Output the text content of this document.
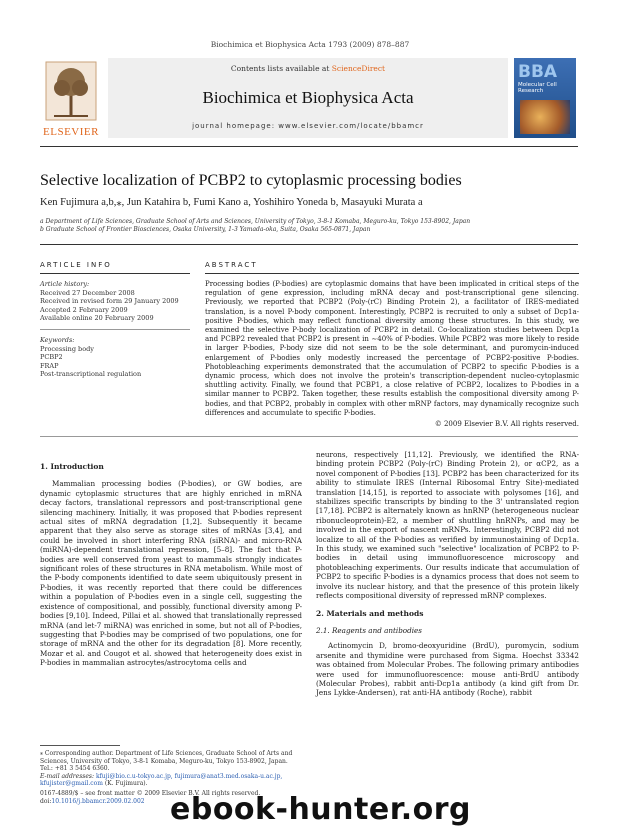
Biochimica et Biophysica Acta 1793 (2009) 878–887
ELSEVIER
Contents lists available at ScienceDirect
Biochimica et Biophysica Acta
journal homepage: www.elsevier.com/locate/bbamcr
BBA
Molecular Cell Research
Selective localization of PCBP2 to cytoplasmic processing bodies
Ken Fujimura a,b,⁎, Jun Katahira b, Fumi Kano a, Yoshihiro Yoneda b, Masayuki Murata a
a Department of Life Sciences, Graduate School of Arts and Sciences, University of Tokyo, 3-8-1 Komaba, Meguro-ku, Tokyo 153-8902, Japan
b Graduate School of Frontier Biosciences, Osaka University, 1-3 Yamada-oka, Suita, Osaka 565-0871, Japan
ARTICLE INFO
Article history:
Received 27 December 2008
Received in revised form 29 January 2009
Accepted 2 February 2009
Available online 20 February 2009
Keywords:
Processing body
PCBP2
FRAP
Post-transcriptional regulation
ABSTRACT
Processing bodies (P-bodies) are cytoplasmic domains that have been implicated in critical steps of the regulation of gene expression, including mRNA decay and post-transcriptional gene silencing. Previously, we reported that PCBP2 (Poly-(rC) Binding Protein 2), a facilitator of IRES-mediated translation, is a novel P-body component. Interestingly, PCBP2 is recruited to only a subset of Dcp1a-positive P-bodies, which may reflect functional diversity among these structures. In this study, we examined the selective P-body localization of PCBP2 in detail. Co-localization studies between Dcp1a and PCBP2 revealed that PCBP2 is present in ∼40% of P-bodies. While PCBP2 was more likely to reside in larger P-bodies, P-body size did not seem to be the sole determinant, and puromycin-induced enlargement of P-bodies only modestly increased the percentage of PCBP2-positive P-bodies. Photobleaching experiments demonstrated that the accumulation of PCBP2 to specific P-bodies is a dynamic process, which does not involve the protein's transcription-dependent nucleo-cytoplasmic shuttling activity. Finally, we found that PCBP1, a close relative of PCBP2, localizes to P-bodies in a similar manner to PCBP2. Taken together, these results establish the compositional diversity among P-bodies, and that PCBP2, probably in complex with other mRNP factors, may dynamically recognize such differences and accumulate to specific P-bodies.
© 2009 Elsevier B.V. All rights reserved.
1. Introduction

Mammalian processing bodies (P-bodies), or GW bodies, are dynamic cytoplasmic structures that are highly enriched in mRNA decay factors, translational repressors and post-transcriptional gene silencing machinery. Initially, it was proposed that P-bodies represent actual sites of mRNA degradation [1,2]. Subsequently it became apparent that they also serve as storage sites of mRNAs [3,4], and could be involved in short interfering RNA (siRNA)- and micro-RNA (miRNA)-dependent translational repression, [5–8]. The fact that P-bodies are well conserved from yeast to mammals strongly indicates significant roles of these structures in RNA metabolism. While most of the P-body components identified to date seem ubiquitously present in P-bodies, it was recently reported that there could be differences within a population of P-bodies even in a single cell, suggesting the existence of compositional, and possibly, functional diversity among P-bodies [9,10]. Indeed, Pillai et al. showed that translationally repressed mRNA (and let-7 miRNA) was enriched in some, but not all of P-bodies, suggesting that P-bodies may be comprised of two populations, one for storage of mRNA and the other for its degradation [8]. More recently, Mozar et al. and Cougot et al. showed that heterogeneity does exist in P-bodies in mammalian astrocytes/astrocytoma cells and

neurons, respectively [11,12]. Previously, we identified the RNA-binding protein PCBP2 (Poly-(rC) Binding Protein 2), or αCP2, as a novel component of P-bodies [13]. PCBP2 has been characterized for its ability to stimulate IRES (Internal Ribosomal Entry Site)-mediated translation [14,15], is reported to associate with polysomes [16], and stabilizes specific transcripts by binding to the 3' untranslated region [17,18]. PCBP2 is alternately known as hnRNP (heterogeneous nuclear ribonucleoprotein)-E2, a member of shuttling hnRNPs, and may be involved in the export of nascent mRNPs. Interestingly, PCBP2 did not localize to all of the P-bodies as verified by immunostaining of Dcp1a. In this study, we examined such "selective" localization of PCBP2 to P-bodies in detail using immunofluorescence microscopy and photobleaching experiments. Our results indicate that accumulation of PCBP2 to specific P-bodies is a dynamics process that does not seem to involve its nuclear history, and that the presence of this protein likely reflects compositional diversity of repressed mRNP complexes.

2. Materials and methods
2.1. Reagents and antibodies

Actinomycin D, bromo-deoxyuridine (BrdU), puromycin, sodium arsenite and thymidine were purchased from Sigma. Hoechst 33342 was obtained from Molecular Probes. The following primary antibodies were used for immunofluorescence: mouse anti-BrdU antibody (Molecular Probes), rabbit anti-Dcp1a antibody (a kind gift from Dr. Jens Lykke-Andersen), rat anti-HA antibody (Roche), rabbit

⁎ Corresponding author. Department of Life Sciences, Graduate School of Arts and Sciences, University of Tokyo, 3-8-1 Komaba, Meguro-ku, Tokyo 153-8902, Japan. Tel.: +81 3 5454 6360.
E-mail addresses: kfuji@bio.c.u-tokyo.ac.jp, fujimura@anat3.med.osaka-u.ac.jp, kfujister@gmail.com (K. Fujimura).
0167-4889/$ – see front matter © 2009 Elsevier B.V. All rights reserved.
doi:10.1016/j.bbamcr.2009.02.002 ebook-hunter.org
